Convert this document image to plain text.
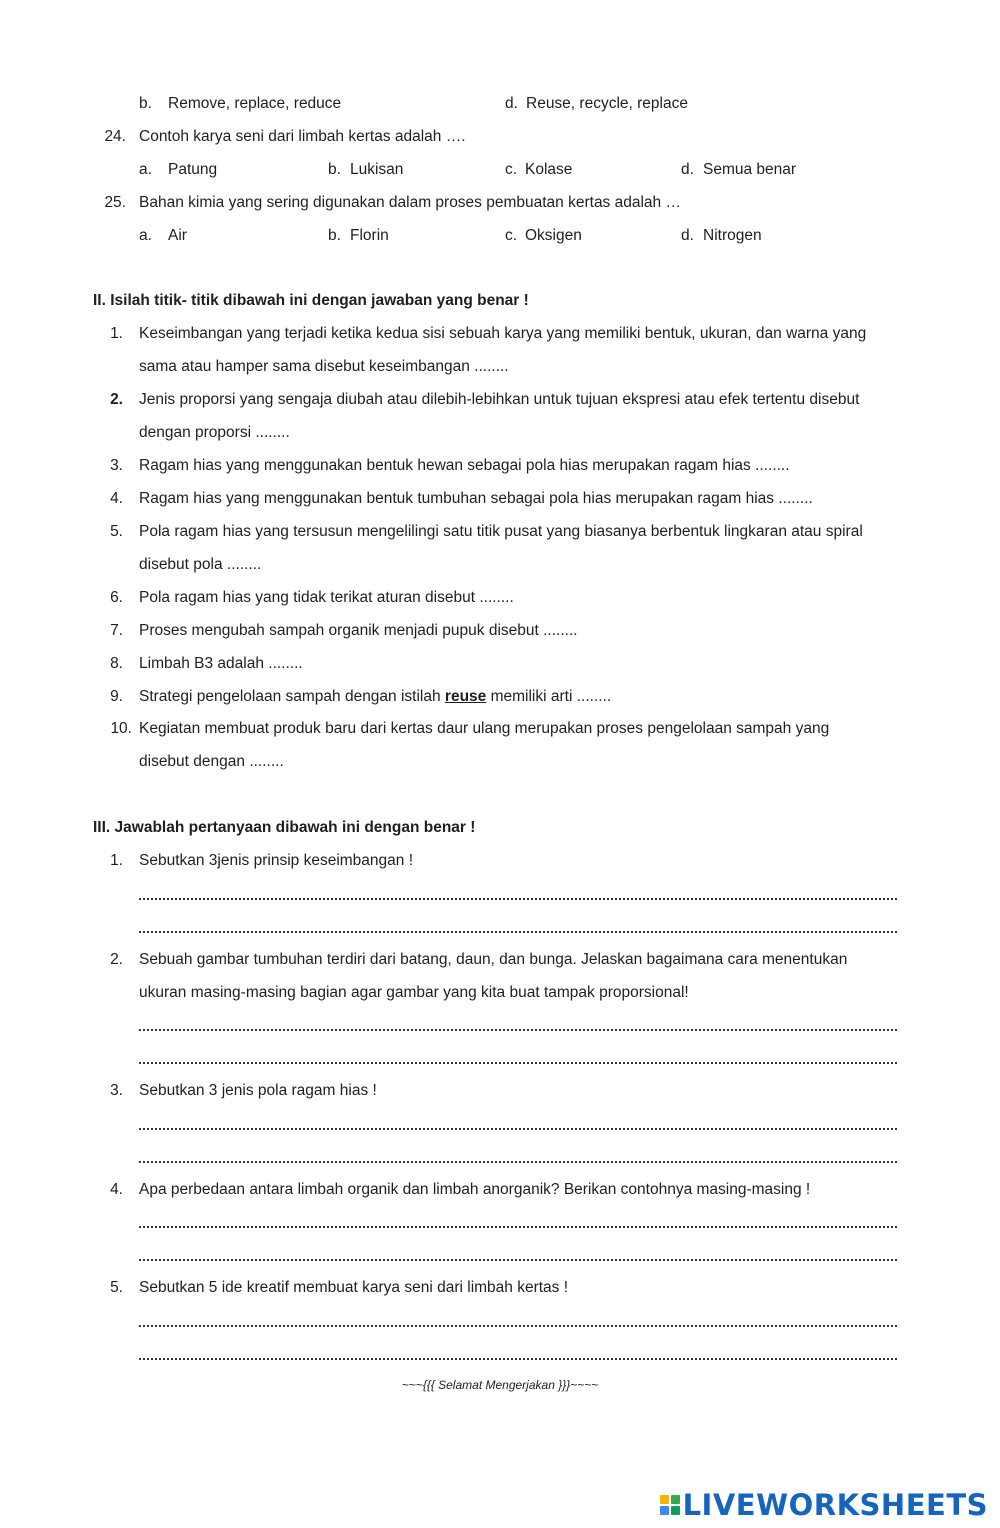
b. Remove, replace, reduce	d. Reuse, recycle, replace
24. Contoh karya seni dari limbah kertas adalah ….
a. Patung	b. Lukisan	c. Kolase	d. Semua benar
25. Bahan kimia yang sering digunakan dalam proses pembuatan kertas adalah …
a. Air	b. Florin	c. Oksigen	d. Nitrogen
II. Isilah titik- titik dibawah ini dengan jawaban yang benar !
1. Keseimbangan yang terjadi ketika kedua sisi sebuah karya yang memiliki bentuk, ukuran, dan warna yang
sama atau hamper sama disebut keseimbangan ........
2. Jenis proporsi yang sengaja diubah atau dilebih-lebihkan untuk tujuan ekspresi atau efek tertentu disebut
dengan proporsi ........
3. Ragam hias yang menggunakan bentuk hewan sebagai pola hias merupakan ragam hias ........
4. Ragam hias yang menggunakan bentuk tumbuhan sebagai pola hias merupakan ragam hias ........
5. Pola ragam hias yang tersusun mengelilingi satu titik pusat yang biasanya berbentuk lingkaran atau spiral
disebut pola ........
6. Pola ragam hias yang tidak terikat aturan disebut ........
7. Proses mengubah sampah organik menjadi pupuk disebut ........
8. Limbah B3 adalah ........
9. Strategi pengelolaan sampah dengan istilah reuse memiliki arti ........
10. Kegiatan membuat produk baru dari kertas daur ulang merupakan proses pengelolaan sampah yang
disebut dengan ........
III. Jawablah pertanyaan dibawah ini dengan benar !
1. Sebutkan 3jenis prinsip keseimbangan !
2. Sebuah gambar tumbuhan terdiri dari batang, daun, dan bunga. Jelaskan bagaimana cara menentukan
ukuran masing-masing bagian agar gambar yang kita buat tampak proporsional!
3. Sebutkan 3 jenis pola ragam hias !
4. Apa perbedaan antara limbah organik dan limbah anorganik? Berikan contohnya masing-masing !
5. Sebutkan 5 ide kreatif membuat karya seni dari limbah kertas !
~~~{{{ Selamat Mengerjakan }}}~~~~
LIVEWORKSHEETS
